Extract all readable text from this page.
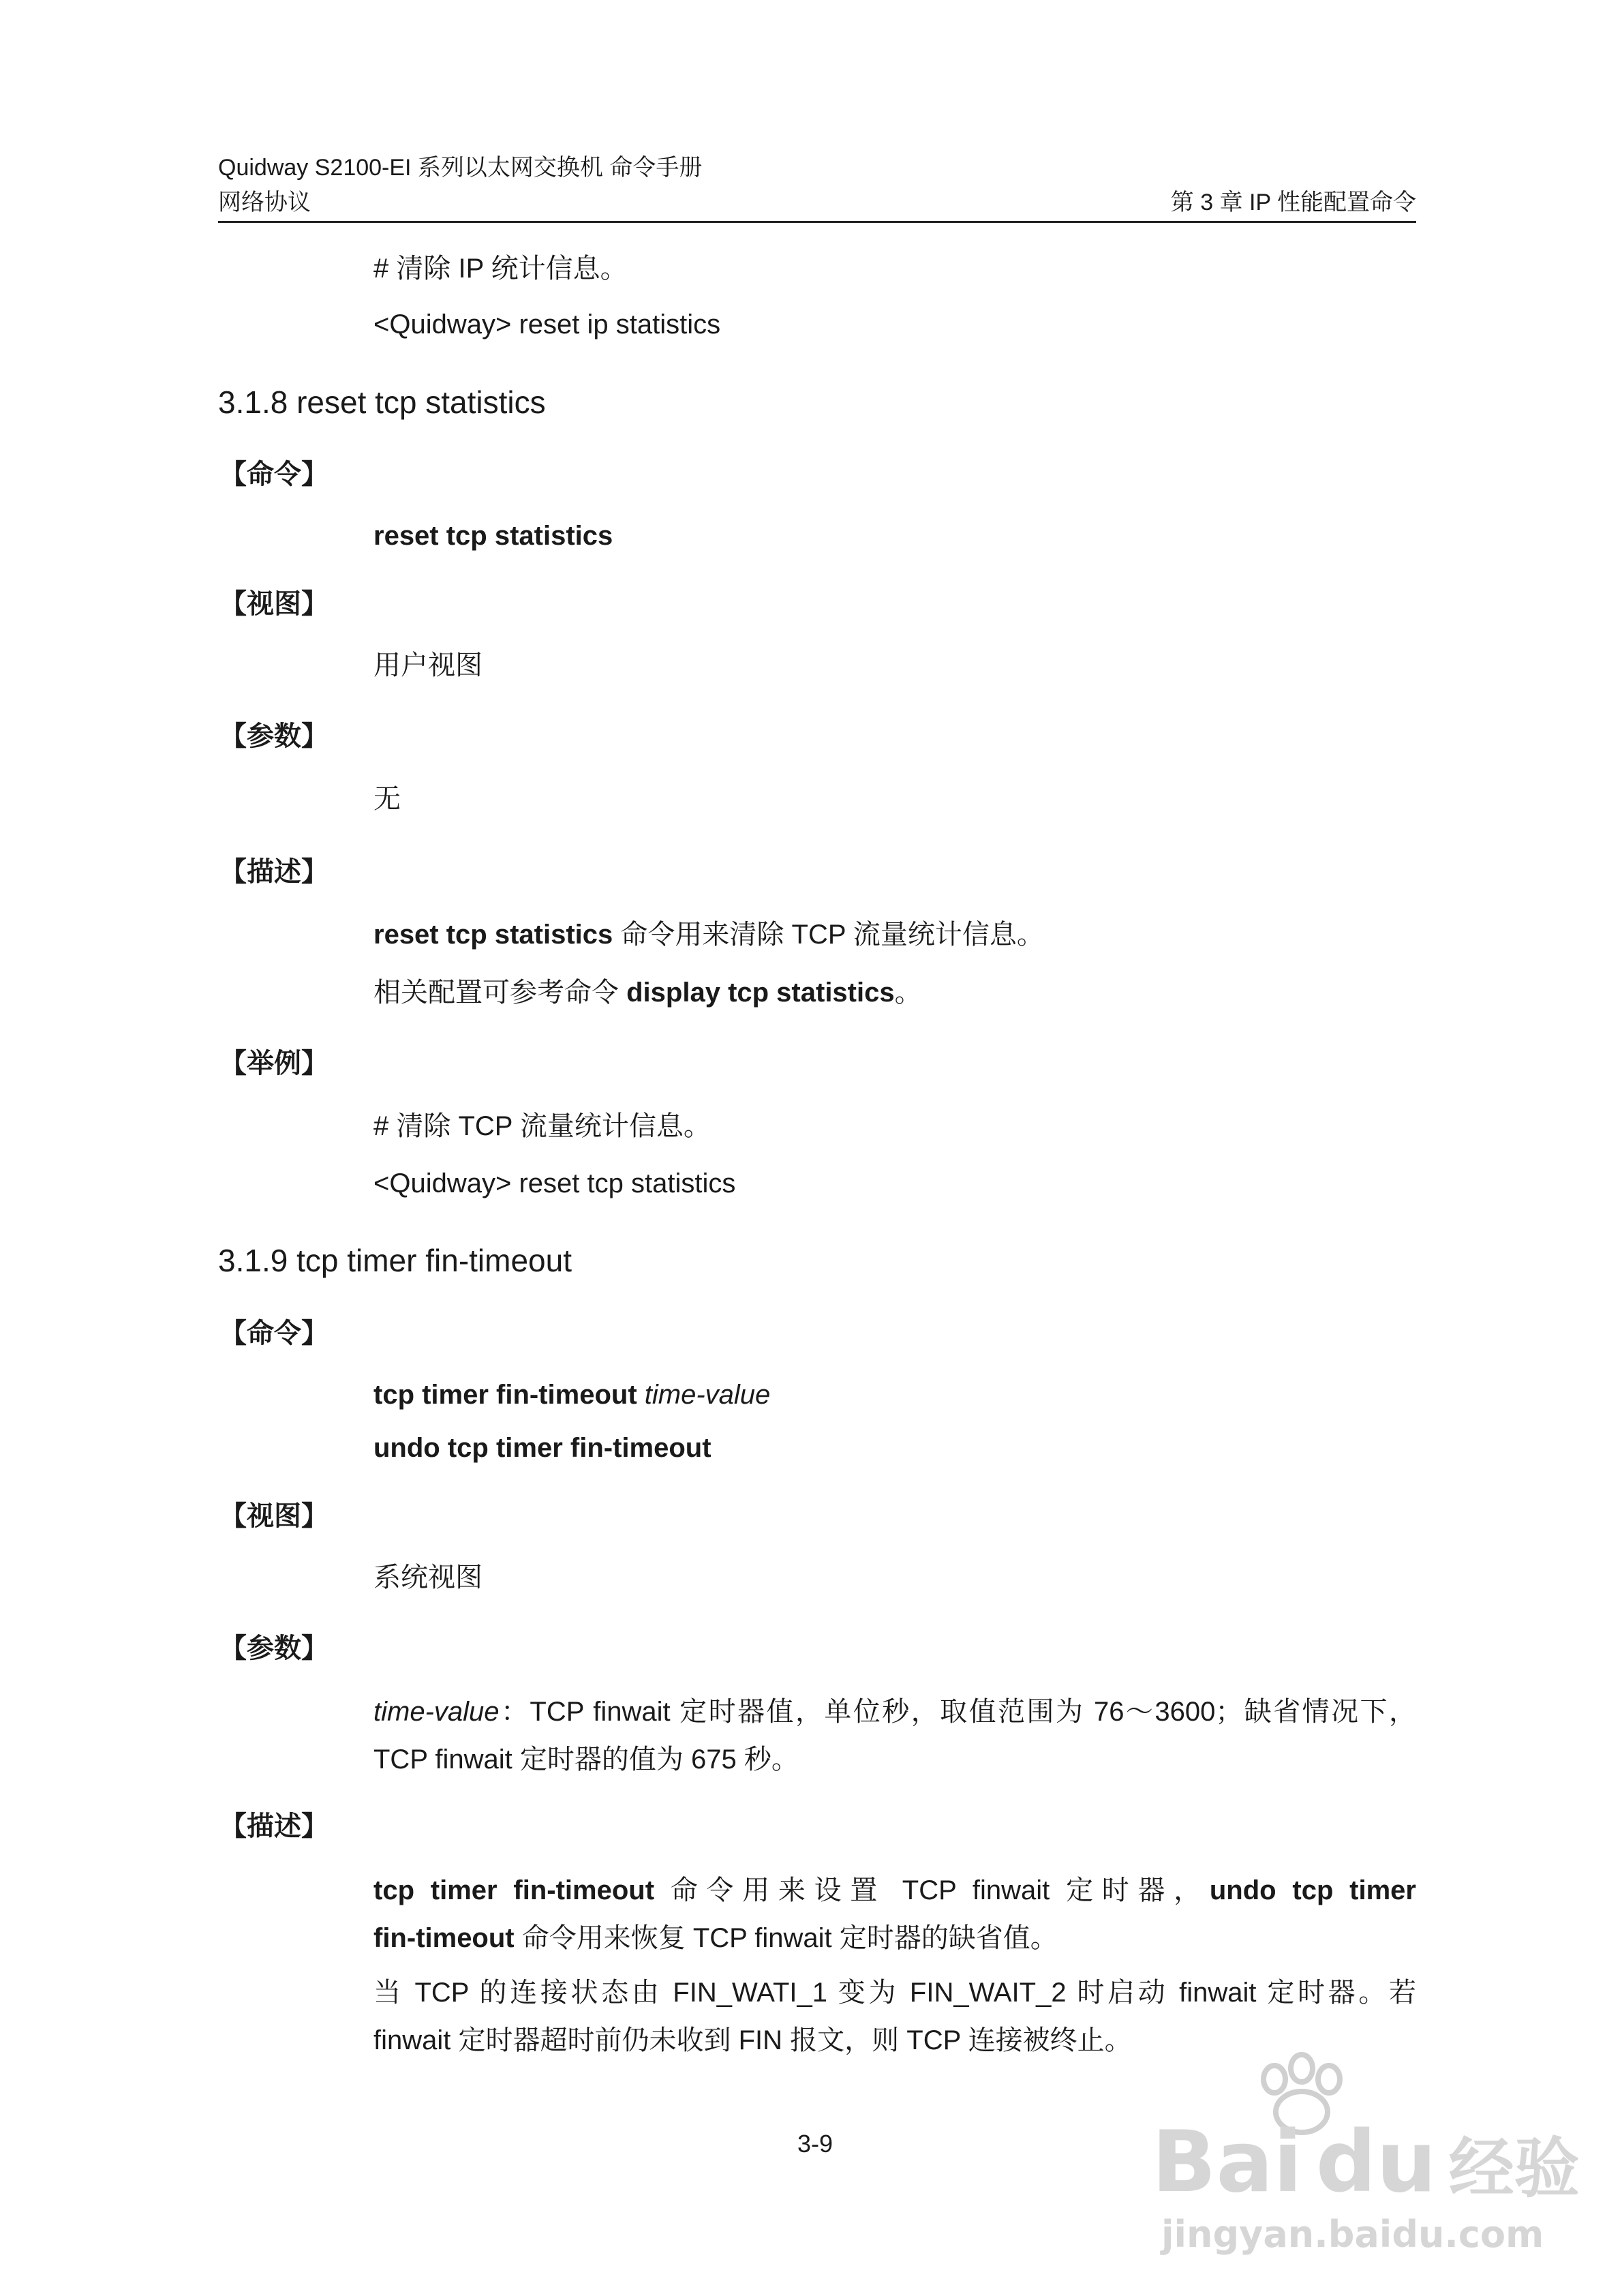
Quidway S2100-EI 系列以太网交换机 命令手册
网络协议	第 3 章 IP 性能配置命令
# 清除 IP 统计信息。
<Quidway> reset ip statistics
3.1.8 reset tcp statistics
【命令】
reset tcp statistics
【视图】
用户视图
【参数】
无
【描述】
reset tcp statistics 命令用来清除 TCP 流量统计信息。
相关配置可参考命令 display tcp statistics。
【举例】
# 清除 TCP 流量统计信息。
<Quidway> reset tcp statistics
3.1.9 tcp timer fin-timeout
【命令】
tcp timer fin-timeout time-value
undo tcp timer fin-timeout
【视图】
系统视图
【参数】
time-value：TCP finwait 定时器值，单位秒，取值范围为 76～3600；缺省情况下，
TCP finwait 定时器的值为 675 秒。
【描述】
tcp timer fin-timeout 命令用来设置 TCP finwait 定时器，undo tcp timer
fin-timeout 命令用来恢复 TCP finwait 定时器的缺省值。
当 TCP 的连接状态由 FIN_WATI_1 变为 FIN_WAIT_2 时启动 finwait 定时器。若
finwait 定时器超时前仍未收到 FIN 报文，则 TCP 连接被终止。
3-9	Bai du 经验
jingyan.baidu.com
